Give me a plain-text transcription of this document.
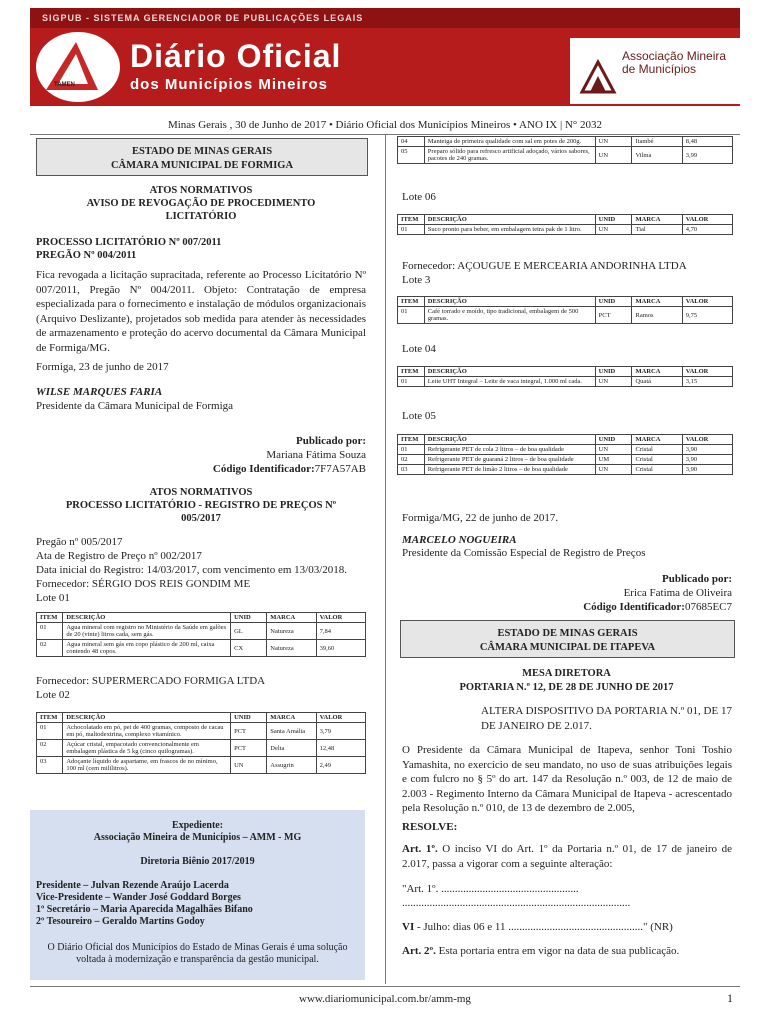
SIGPUB - SISTEMA GERENCIADOR DE PUBLICAÇÕES LEGAIS
TAMEN
Diário Oficial
dos Municípios Mineiros
Associação Mineira de Municípios
Minas Gerais , 30 de Junho de 2017 • Diário Oficial dos Municípios Mineiros • ANO IX | N° 2032
ESTADO DE MINAS GERAIS
CÂMARA MUNICIPAL DE FORMIGA
ATOS NORMATIVOS
AVISO DE REVOGAÇÃO DE PROCEDIMENTO
LICITATÓRIO
PROCESSO LICITATÓRIO Nº 007/2011
PREGÃO Nº 004/2011
Fica revogada a licitação supracitada, referente ao Processo Licitatório Nº 007/2011, Pregão Nº 004/2011. Objeto: Contratação de empresa especializada para o fornecimento e instalação de módulos organizacionais (Arquivo Deslizante), projetados sob medida para atender às necessidades de armazenamento e proteção do acervo documental da Câmara Municipal de Formiga/MG.
Formiga, 23 de junho de 2017
WILSE MARQUES FARIA
Presidente da Câmara Municipal de Formiga
Publicado por:
Mariana Fátima Souza
Código Identificador:7F7A57AB
ATOS NORMATIVOS
PROCESSO LICITATÓRIO - REGISTRO DE PREÇOS Nº
005/2017
Pregão nº 005/2017
Ata de Registro de Preço nº 002/2017
Data inicial do Registro: 14/03/2017, com vencimento em 13/03/2018.
Fornecedor: SÉRGIO DOS REIS GONDIM ME
Lote 01
ITEM	DESCRIÇÃO	UNID	MARCA	VALOR
01	Agua mineral com registro no Ministério da Saúde em galões de 20 (vinte) litros cada, sem gás.	GL	Natureza	7,84
02	Agua mineral sem gás em copo plástico de 200 ml, caixa contendo 48 copos.	CX	Natureza	39,60
Fornecedor: SUPERMERCADO FORMIGA LTDA
Lote 02
ITEM	DESCRIÇÃO	UNID	MARCA	VALOR
01	Achocolatado em pó, pet de 400 gramas, composto de cacau em pó, maltodextrina, complexo vitamínico.	PCT	Santa Amália	3,79
02	Açúcar cristal, empacotado convencionalmente em embalagem plástica de 5 kg (cinco quilogramas).	PCT	Delta	12,48
03	Adoçante líquido de aspartame, em frascos de no mínimo, 100 ml (cem mililitros).	UN	Assugrin	2,49
Expediente:
Associação Mineira de Municípios – AMM - MG
Diretoria Biênio 2017/2019
Presidente – Julvan Rezende Araújo Lacerda
Vice-Presidente – Wander José Goddard Borges
1º Secretário – Maria Aparecida Magalhães Bifano
2º Tesoureiro – Geraldo Martins Godoy
O Diário Oficial dos Municípios do Estado de Minas Gerais é uma solução voltada à modernização e transparência da gestão municipal.
04	Manteiga de primeira qualidade com sal em potes de 200g.	UN	Itambé	8,48
05	Preparo sólido para refresco artificial adoçado, vários sabores, pacotes de 240 gramas.	UN	Vilma	3,99
Lote 06
ITEM	DESCRIÇÃO	UNID	MARCA	VALOR
01	Suco pronto para beber, em embalagem tetra pak de 1 litro.	UN	Tial	4,70
Fornecedor: AÇOUGUE E MERCEARIA ANDORINHA LTDA
Lote 3
ITEM	DESCRIÇÃO	UNID	MARCA	VALOR
01	Café torrado e moído, tipo tradicional, embalagem de 500 gramas.	PCT	Ramos	9,75
Lote 04
ITEM	DESCRIÇÃO	UNID	MARCA	VALOR
01	Leite UHT Integral – Leite de vaca integral, 1.000 ml cada.	UN	Quatá	3,15
Lote 05
ITEM	DESCRIÇÃO	UNID	MARCA	VALOR
01	Refrigerante PET de cola 2 litros – de boa qualidade	UN	Cristal	3,90
02	Refrigerante PET de guaraná 2 litros – de boa qualidade	UM	Cristal	3,90
03	Refrigerante PET de limão 2 litros – de boa qualidade	UN	Cristal	3,90
Formiga/MG, 22 de junho de 2017.
MARCELO NOGUEIRA
Presidente da Comissão Especial de Registro de Preços
Publicado por:
Erica Fatima de Oliveira
Código Identificador:07685EC7
ESTADO DE MINAS GERAIS
CÂMARA MUNICIPAL DE ITAPEVA
MESA DIRETORA
PORTARIA N.º 12, DE 28 DE JUNHO DE 2017
ALTERA DISPOSITIVO DA PORTARIA N.º 01, DE 17 DE JANEIRO DE 2.017.
O Presidente da Câmara Municipal de Itapeva, senhor Toni Toshio Yamashita, no exercício de seu mandato, no uso de suas atribuições legais e com fulcro no § 5º do art. 147 da Resolução n.º 003, de 12 de maio de 2.003 - Regimento Interno da Câmara Municipal de Itapeva - acrescentado pela Resolução n.º 010, de 13 de dezembro de 2.005,
RESOLVE:
Art. 1º. O inciso VI do Art. 1º da Portaria n.º 01, de 17 de janeiro de 2.017, passa a vigorar com a seguinte alteração:
"Art. 1º. ..................................................
...................................................................................
VI - Julho: dias 06 e 11 ................................................." (NR)
Art. 2º. Esta portaria entra em vigor na data de sua publicação.
www.diariomunicipal.com.br/amm-mg	1
